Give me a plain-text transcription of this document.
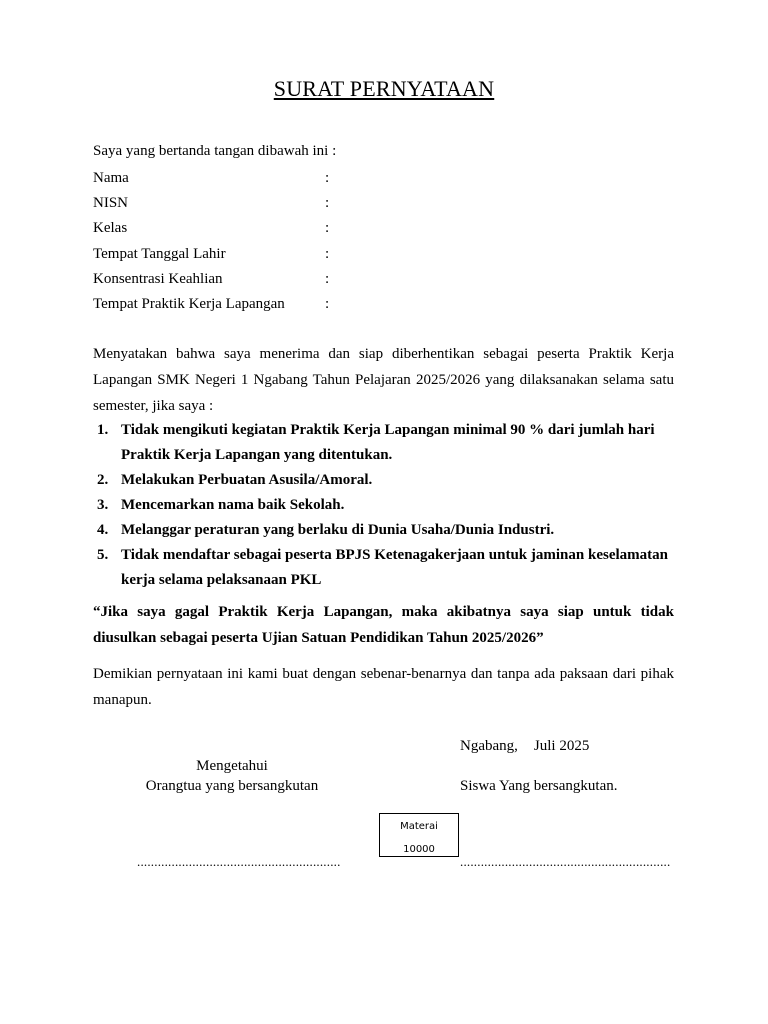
SURAT PERNYATAAN
Saya yang bertanda tangan dibawah ini :
Nama	:
NISN	:
Kelas	:
Tempat Tanggal Lahir	:
Konsentrasi Keahlian	:
Tempat Praktik Kerja Lapangan	:
Menyatakan bahwa saya menerima dan siap diberhentikan sebagai peserta Praktik Kerja Lapangan SMK Negeri 1 Ngabang Tahun Pelajaran 2025/2026 yang dilaksanakan selama satu semester, jika saya :
1. Tidak mengikuti kegiatan Praktik Kerja Lapangan minimal 90 % dari jumlah hari Praktik Kerja Lapangan yang ditentukan.
2. Melakukan Perbuatan Asusila/Amoral.
3. Mencemarkan nama baik Sekolah.
4. Melanggar peraturan yang berlaku di Dunia Usaha/Dunia Industri.
5. Tidak mendaftar sebagai peserta BPJS Ketenagakerjaan untuk jaminan keselamatan kerja selama pelaksanaan PKL
“Jika saya gagal Praktik Kerja Lapangan, maka akibatnya saya siap untuk tidak diusulkan sebagai peserta Ujian Satuan Pendidikan Tahun 2025/2026”
Demikian pernyataan ini kami buat dengan sebenar-benarnya dan tanpa ada paksaan dari pihak manapun.
Ngabang, Juli 2025
Mengetahui
Orangtua yang bersangkutan	Siswa Yang bersangkutan.
Materai
10000
...........................................................	.............................................................
